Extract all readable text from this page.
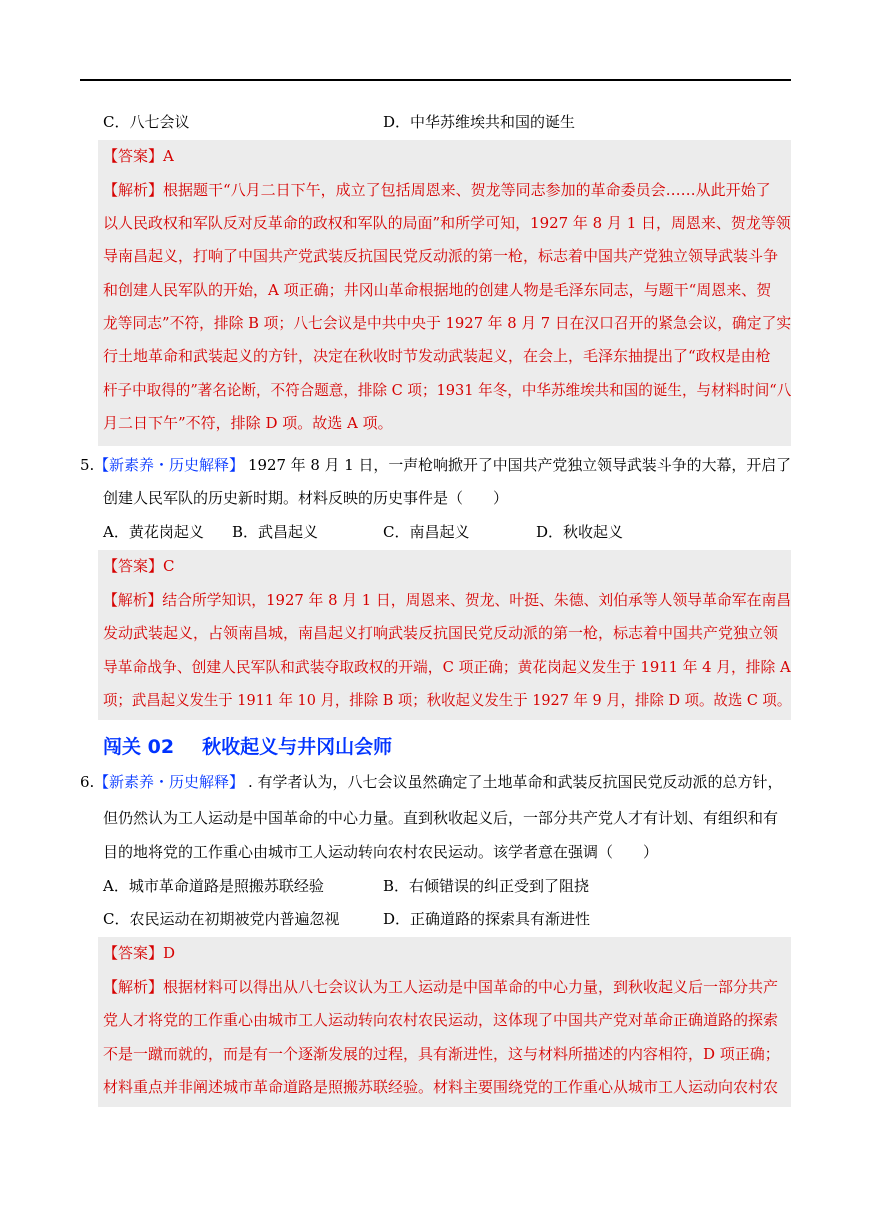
C．八七会议	D．中华苏维埃共和国的诞生
【答案】A
【解析】根据题干“八月二日下午，成立了包括周恩来、贺龙等同志参加的革命委员会……从此开始了
以人民政权和军队反对反革命的政权和军队的局面”和所学可知，1927 年 8 月 1 日，周恩来、贺龙等领
导南昌起义，打响了中国共产党武装反抗国民党反动派的第一枪，标志着中国共产党独立领导武装斗争
和创建人民军队的开始，A 项正确；井冈山革命根据地的创建人物是毛泽东同志，与题干“周恩来、贺
龙等同志”不符，排除 B 项；八七会议是中共中央于 1927 年 8 月 7 日在汉口召开的紧急会议，确定了实
行土地革命和武装起义的方针，决定在秋收时节发动武装起义，在会上，毛泽东抽提出了“政权是由枪
杆子中取得的”著名论断，不符合题意，排除 C 项；1931 年冬，中华苏维埃共和国的诞生，与材料时间“八
月二日下午”不符，排除 D 项。故选 A 项。
5. 【新素养・历史解释】 1927 年 8 月 1 日，一声枪响掀开了中国共产党独立领导武装斗争的大幕，开启了
创建人民军队的历史新时期。材料反映的历史事件是（　　）
A．黄花岗起义 B．武昌起义	C．南昌起义	D．秋收起义
【答案】C
【解析】结合所学知识，1927 年 8 月 1 日，周恩来、贺龙、叶挺、朱德、刘伯承等人领导革命军在南昌
发动武装起义，占领南昌城，南昌起义打响武装反抗国民党反动派的第一枪，标志着中国共产党独立领
导革命战争、创建人民军队和武装夺取政权的开端，C 项正确；黄花岗起义发生于 1911 年 4 月，排除 A
项；武昌起义发生于 1911 年 10 月，排除 B 项；秋收起义发生于 1927 年 9 月，排除 D 项。故选 C 项。
闯关 02 秋收起义与井冈山会师
6. 【新素养・历史解释】 . 有学者认为，八七会议虽然确定了土地革命和武装反抗国民党反动派的总方针，
但仍然认为工人运动是中国革命的中心力量。直到秋收起义后，一部分共产党人才有计划、有组织和有
目的地将党的工作重心由城市工人运动转向农村农民运动。该学者意在强调（　　）
A．城市革命道路是照搬苏联经验	B．右倾错误的纠正受到了阻挠
C．农民运动在初期被党内普遍忽视	D．正确道路的探索具有渐进性
【答案】D
【解析】根据材料可以得出从八七会议认为工人运动是中国革命的中心力量，到秋收起义后一部分共产
党人才将党的工作重心由城市工人运动转向农村农民运动，这体现了中国共产党对革命正确道路的探索
不是一蹴而就的，而是有一个逐渐发展的过程，具有渐进性，这与材料所描述的内容相符，D 项正确；
材料重点并非阐述城市革命道路是照搬苏联经验。材料主要围绕党的工作重心从城市工人运动向农村农
